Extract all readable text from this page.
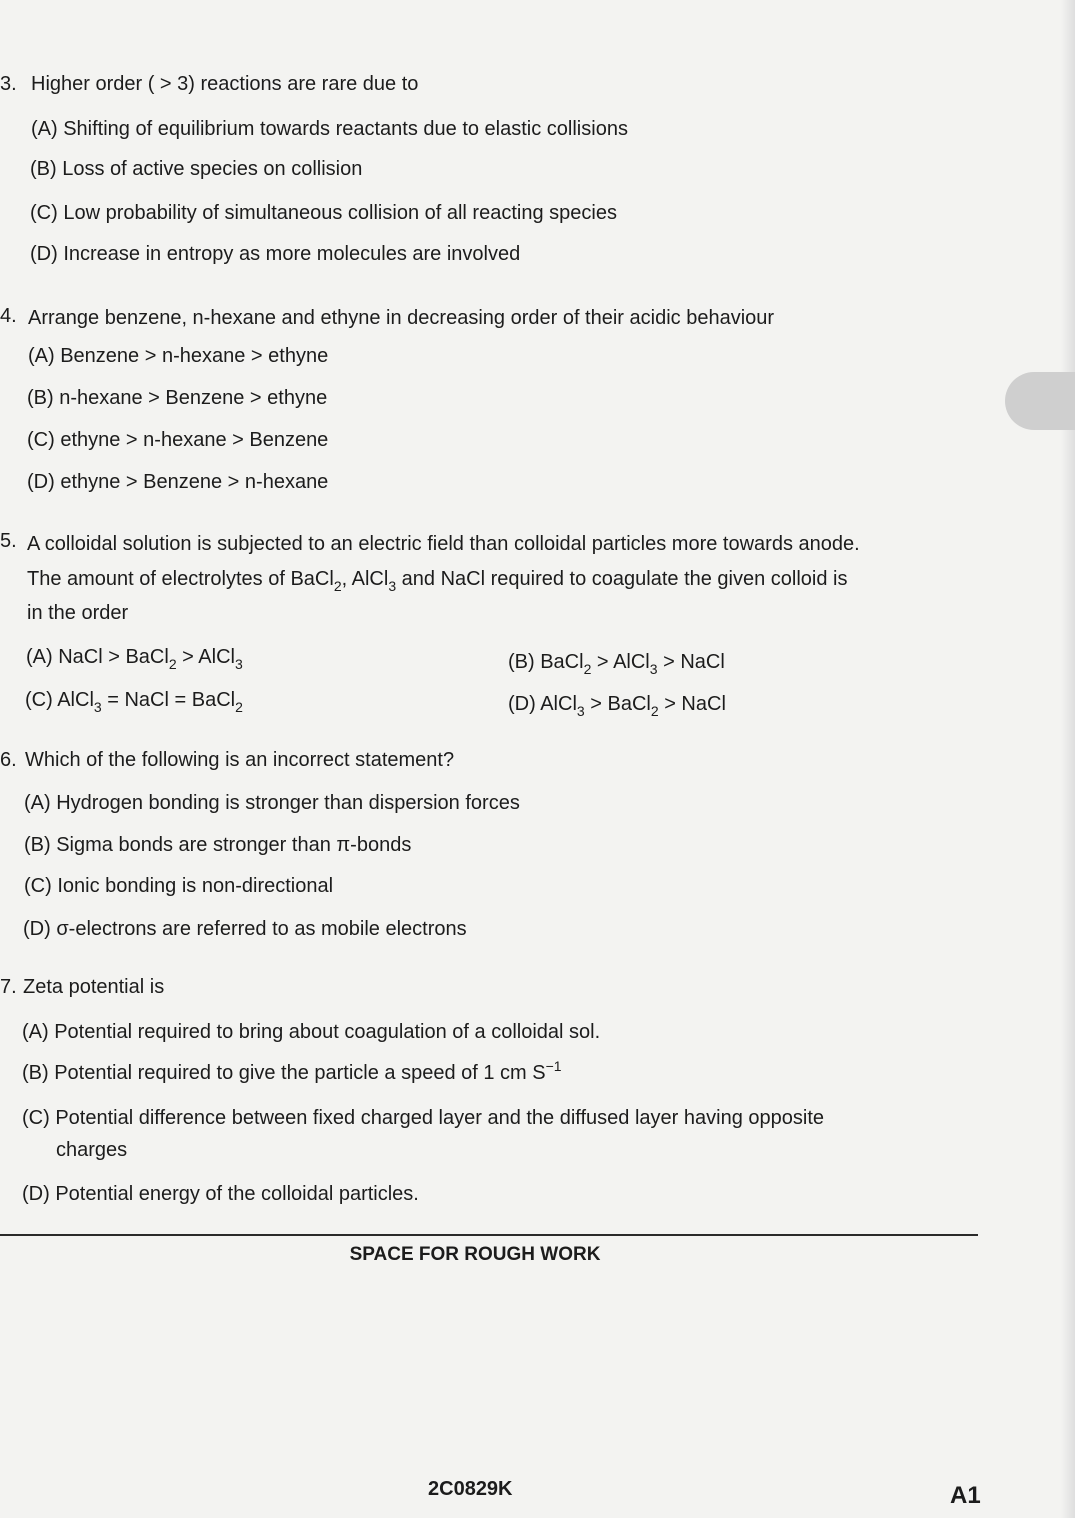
3. Higher order ( > 3) reactions are rare due to
(A) Shifting of equilibrium towards reactants due to elastic collisions
(B) Loss of active species on collision
(C) Low probability of simultaneous collision of all reacting species
(D) Increase in entropy as more molecules are involved
4. Arrange benzene, n-hexane and ethyne in decreasing order of their acidic behaviour
(A) Benzene > n-hexane > ethyne
(B) n-hexane > Benzene > ethyne
(C) ethyne > n-hexane > Benzene
(D) ethyne > Benzene > n-hexane
5. A colloidal solution is subjected to an electric field than colloidal particles more towards anode.
The amount of electrolytes of BaCl$_2$, AlCl$_3$ and NaCl required to coagulate the given colloid is
in the order
(A) NaCl > BaCl$_2$ > AlCl$_3$	(B) BaCl$_2$ > AlCl$_3$ > NaCl
(C) AlCl$_3$ = NaCl = BaCl$_2$	(D) AlCl$_3$ > BaCl$_2$ > NaCl
6. Which of the following is an incorrect statement?
(A) Hydrogen bonding is stronger than dispersion forces
(B) Sigma bonds are stronger than π-bonds
(C) Ionic bonding is non-directional
(D) σ-electrons are referred to as mobile electrons
7. Zeta potential is
(A) Potential required to bring about coagulation of a colloidal sol.
(B) Potential required to give the particle a speed of 1 cm $S^{-1}$
(C) Potential difference between fixed charged layer and the diffused layer having opposite
charges
(D) Potential energy of the colloidal particles.
SPACE FOR ROUGH WORK
2C0829K	A1
